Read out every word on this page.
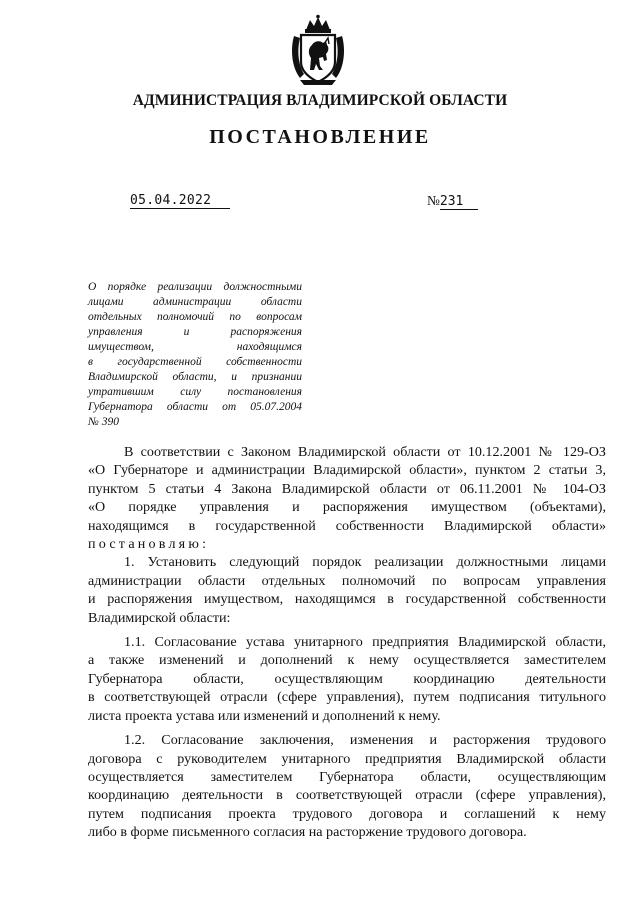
АДМИНИСТРАЦИЯ ВЛАДИМИРСКОЙ ОБЛАСТИ
ПОСТАНОВЛЕНИЕ
05.04.2022	№231
О порядке реализации должностными
лицами администрации области
отдельных полномочий по вопросам
управления и распоряжения
имуществом, находящимся
в государственной собственности
Владимирской области, и признании
утратившим силу постановления
Губернатора области от 05.07.2004
№ 390
В соответствии с Законом Владимирской области от 10.12.2001 № 129-ОЗ
«О Губернаторе и администрации Владимирской области», пунктом 2 статьи 3,
пунктом 5 статьи 4 Закона Владимирской области от 06.11.2001 № 104-ОЗ
«О порядке управления и распоряжения имуществом (объектами),
находящимся в государственной собственности Владимирской области»
постановляю:
1. Установить следующий порядок реализации должностными лицами
администрации области отдельных полномочий по вопросам управления
и распоряжения имуществом, находящимся в государственной собственности
Владимирской области:
1.1. Согласование устава унитарного предприятия Владимирской области,
а также изменений и дополнений к нему осуществляется заместителем
Губернатора области, осуществляющим координацию деятельности
в соответствующей отрасли (сфере управления), путем подписания титульного
листа проекта устава или изменений и дополнений к нему.
1.2. Согласование заключения, изменения и расторжения трудового
договора с руководителем унитарного предприятия Владимирской области
осуществляется заместителем Губернатора области, осуществляющим
координацию деятельности в соответствующей отрасли (сфере управления),
путем подписания проекта трудового договора и соглашений к нему
либо в форме письменного согласия на расторжение трудового договора.
